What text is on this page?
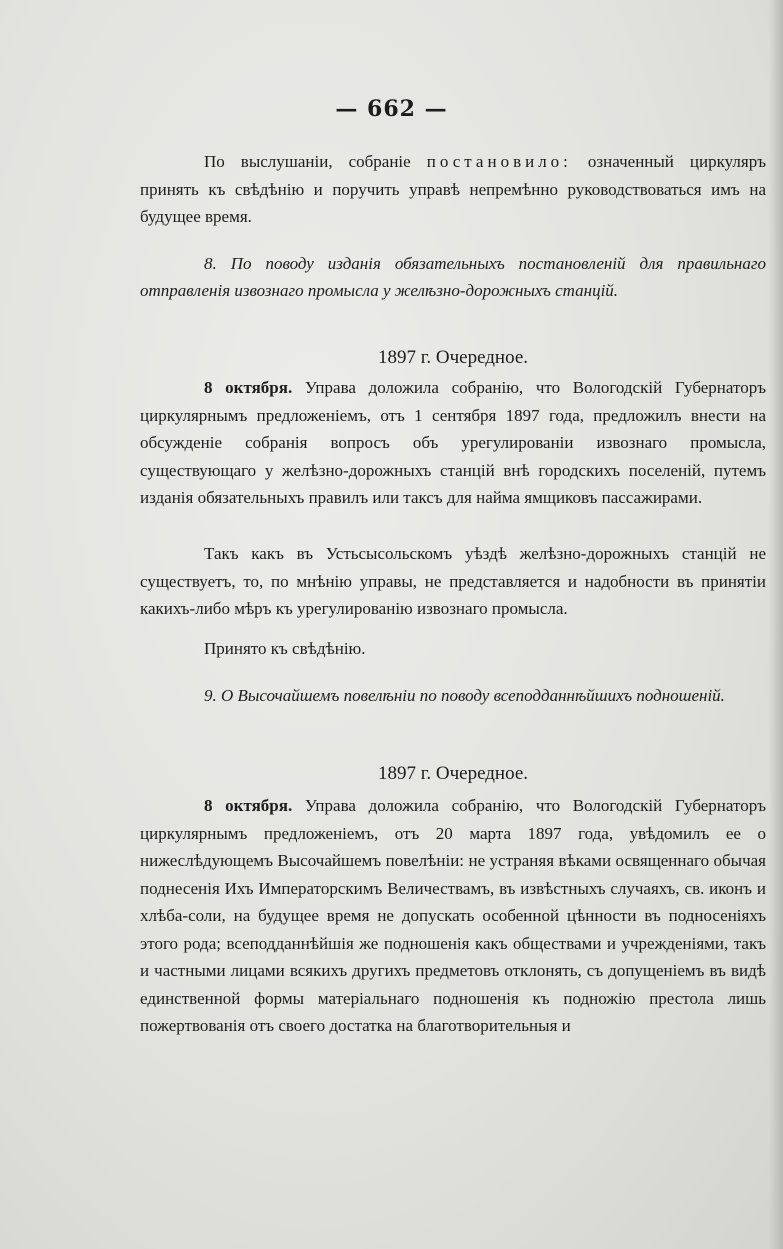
— 662 —

По выслушаніи, собраніе постановило: означенный циркуляръ принять къ свѣдѣнію и поручить управѣ непремѣнно руководствоваться имъ на будущее время.

8. По поводу изданія обязательныхъ постановленій для правильнаго отправленія извознаго промысла у желѣзно-дорожныхъ станцій.

1897 г. Очередное.

8 октября. Управа доложила собранію, что Вологодскій Губернаторъ циркулярнымъ предложеніемъ, отъ 1 сентября 1897 года, предложилъ внести на обсужденіе собранія вопросъ объ урегулированіи извознаго промысла, существующаго у желѣзно-дорожныхъ станцій внѣ городскихъ поселеній, путемъ изданія обязательныхъ правилъ или таксъ для найма ямщиковъ пассажирами.

Такъ какъ въ Устьсысольскомъ уѣздѣ желѣзно-дорожныхъ станцій не существуетъ, то, по мнѣнію управы, не представляется и надобности въ принятіи какихъ-либо мѣръ къ урегулированію извознаго промысла.

Принято къ свѣдѣнію.

9. О Высочайшемъ повелѣніи по поводу всеподданнѣйшихъ подношеній.

1897 г. Очередное.

8 октября. Управа доложила собранію, что Вологодскій Губернаторъ циркулярнымъ предложеніемъ, отъ 20 марта 1897 года, увѣдомилъ ее о нижеслѣдующемъ Высочайшемъ повелѣніи: не устраняя вѣками освященнаго обычая поднесенія Ихъ Императорскимъ Величествамъ, въ извѣстныхъ случаяхъ, св. иконъ и хлѣба-соли, на будущее время не допускать особенной цѣнности въ подносеніяхъ этого рода; всеподданнѣйшія же подношенія какъ обществами и учрежденіями, такъ и частными лицами всякихъ другихъ предметовъ отклонять, съ допущеніемъ въ видѣ единственной формы матеріальнаго подношенія къ подножію престола лишь пожертвованія отъ своего достатка на благотворительныя и
